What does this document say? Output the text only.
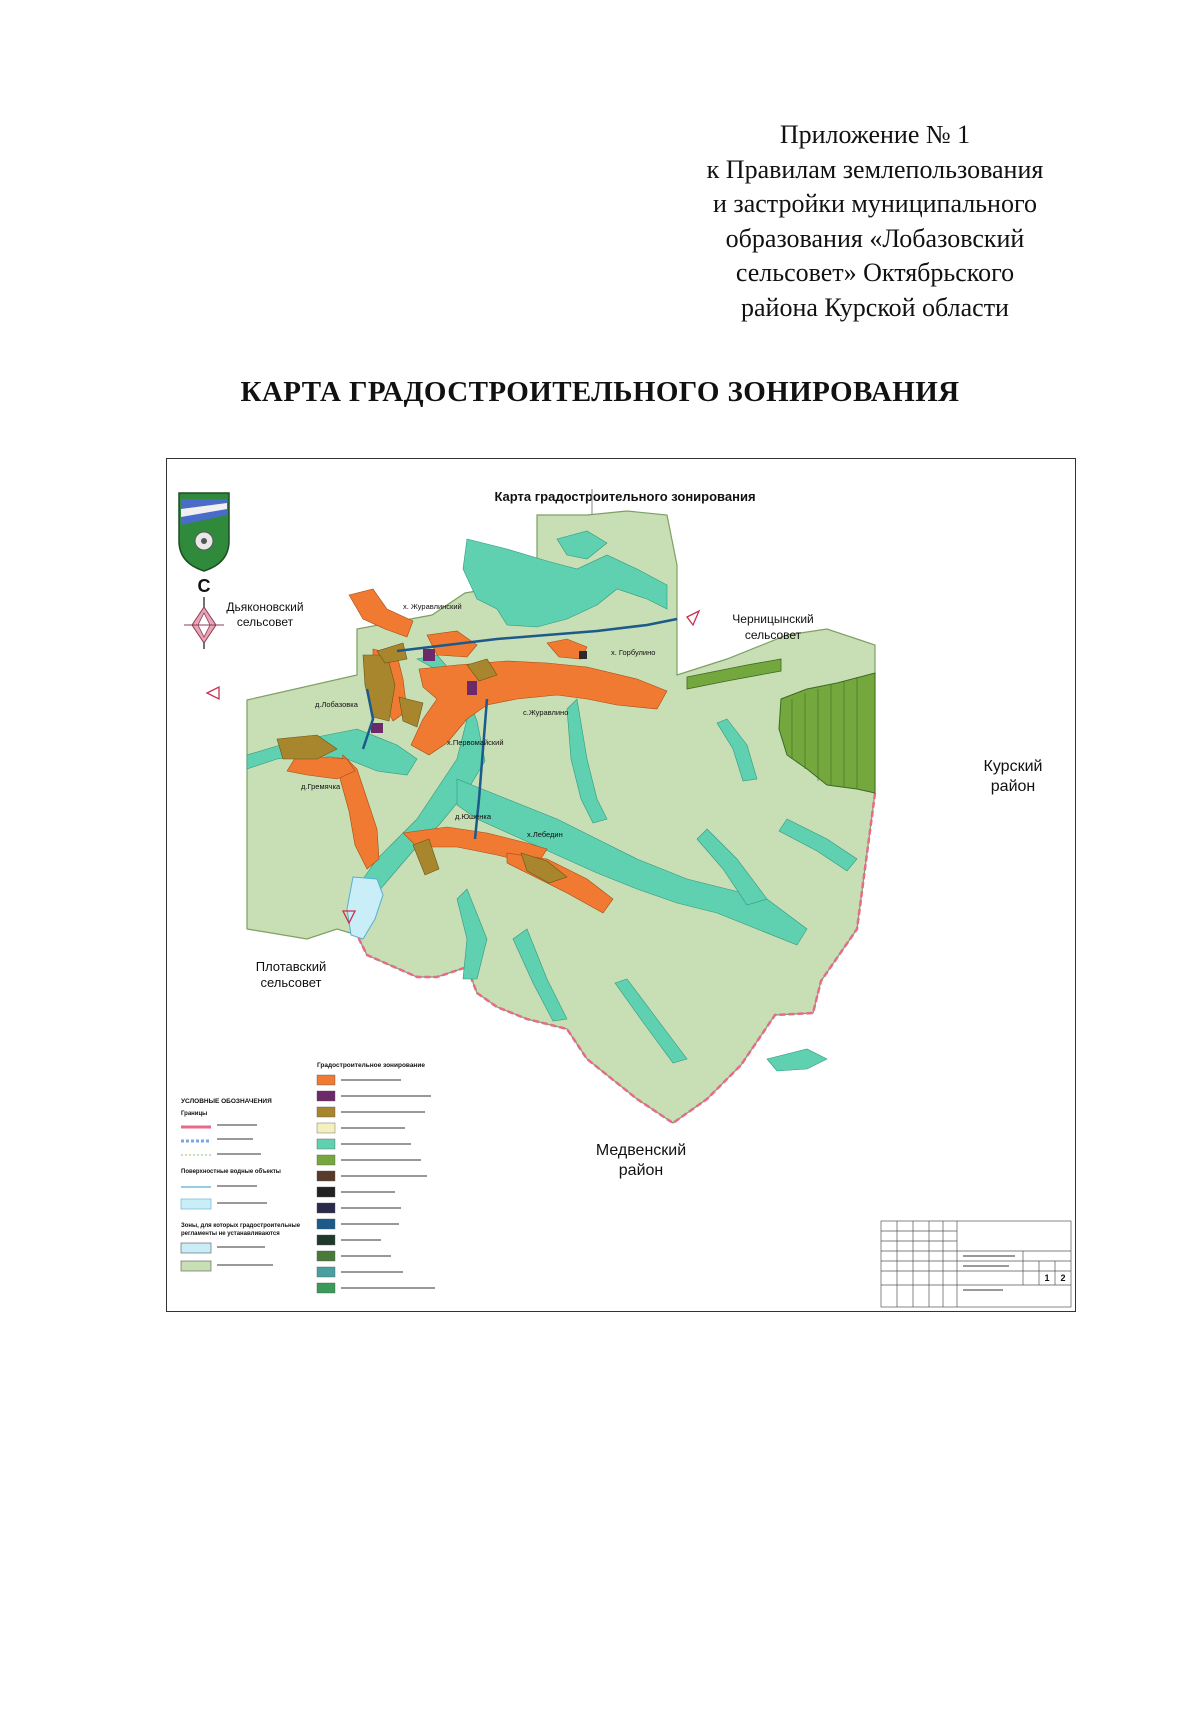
Приложение № 1
к Правилам землепользования
и застройки муниципального
образования «Лобазовский
сельсовет» Октябрьского
района Курской области
КАРТА ГРАДОСТРОИТЕЛЬНОГО ЗОНИРОВАНИЯ
Карта градостроительного зонирования
С
Дьяконовский
сельсовет	Черницынский
сельсовет
Курский
район
Плотавский
сельсовет
Медвенский
район
х. Журавлинский
х. Горбулино
д.Лобазовка
с.Журавлино
х.Первомайский
д.Гремячка
д.Юшенка
х.Лебедин
УСЛОВНЫЕ ОБОЗНАЧЕНИЯ
Границы
Поверхностные водные объекты
Зоны, для которых градостроительные
регламенты не устанавливаются
Градостроительное зонирование
1 2
